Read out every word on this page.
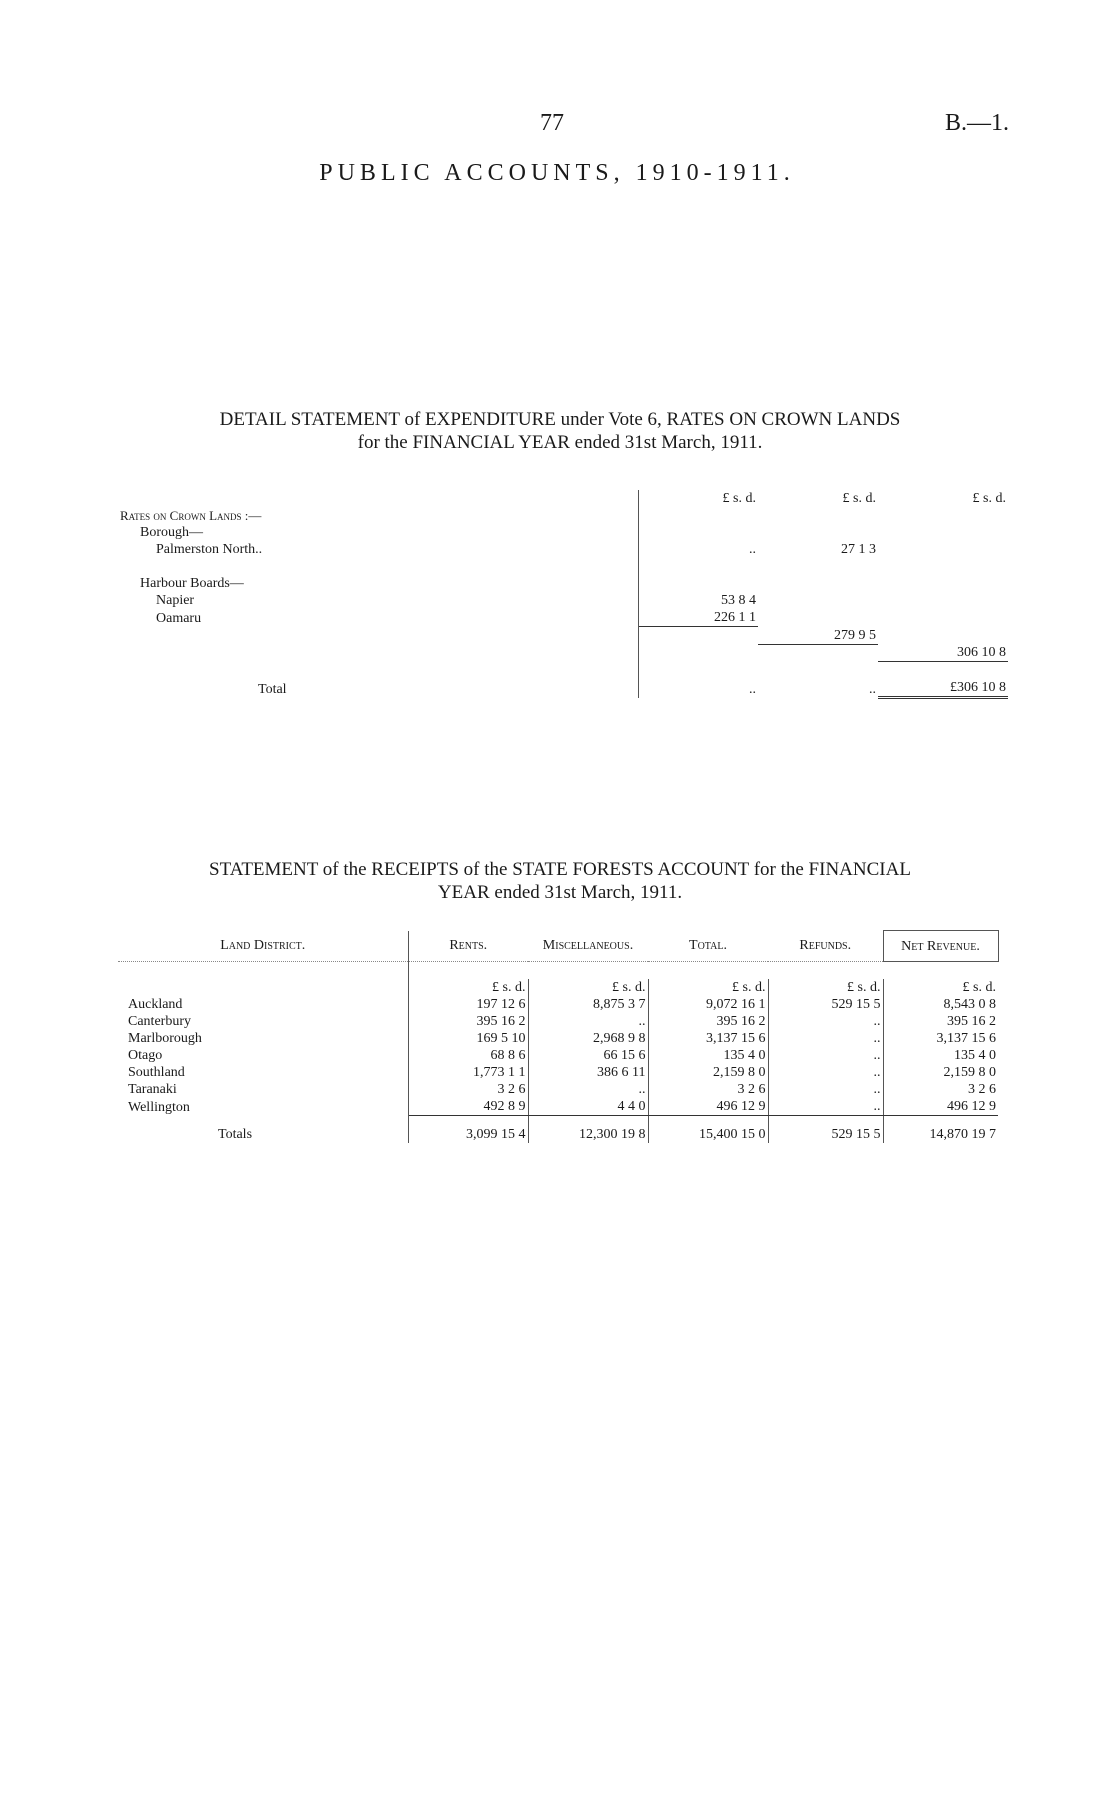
77	B.—1.
PUBLIC ACCOUNTS, 1910-1911.
DETAIL STATEMENT of EXPENDITURE under Vote 6, RATES ON CROWN LANDS
for the FINANCIAL YEAR ended 31st March, 1911.
	£ s. d.	£ s. d.	£ s. d.
Rates on Crown Lands :—			
Borough—			
Palmerston North..	..	27 1 3	

Harbour Boards—			
Napier	53 8 4		
Oamaru	226 1 1		
		279 9 5	
			306 10 8

Total	..	..	£306 10 8
STATEMENT of the RECEIPTS of the STATE FORESTS ACCOUNT for the FINANCIAL
YEAR ended 31st March, 1911.
Land District.	Rents.	Miscellaneous.	Total.	Refunds.	Net Revenue.

	£ s. d.	£ s. d.	£ s. d.	£ s. d.	£ s. d.
Auckland	197 12 6	8,875 3 7	9,072 16 1	529 15 5	8,543 0 8
Canterbury	395 16 2	..	395 16 2	..	395 16 2
Marlborough	169 5 10	2,968 9 8	3,137 15 6	..	3,137 15 6
Otago	68 8 6	66 15 6	135 4 0	..	135 4 0
Southland	1,773 1 1	386 6 11	2,159 8 0	..	2,159 8 0
Taranaki	3 2 6	..	3 2 6	..	3 2 6
Wellington	492 8 9	4 4 0	496 12 9	..	496 12 9
Totals	3,099 15 4	12,300 19 8	15,400 15 0	529 15 5	14,870 19 7
